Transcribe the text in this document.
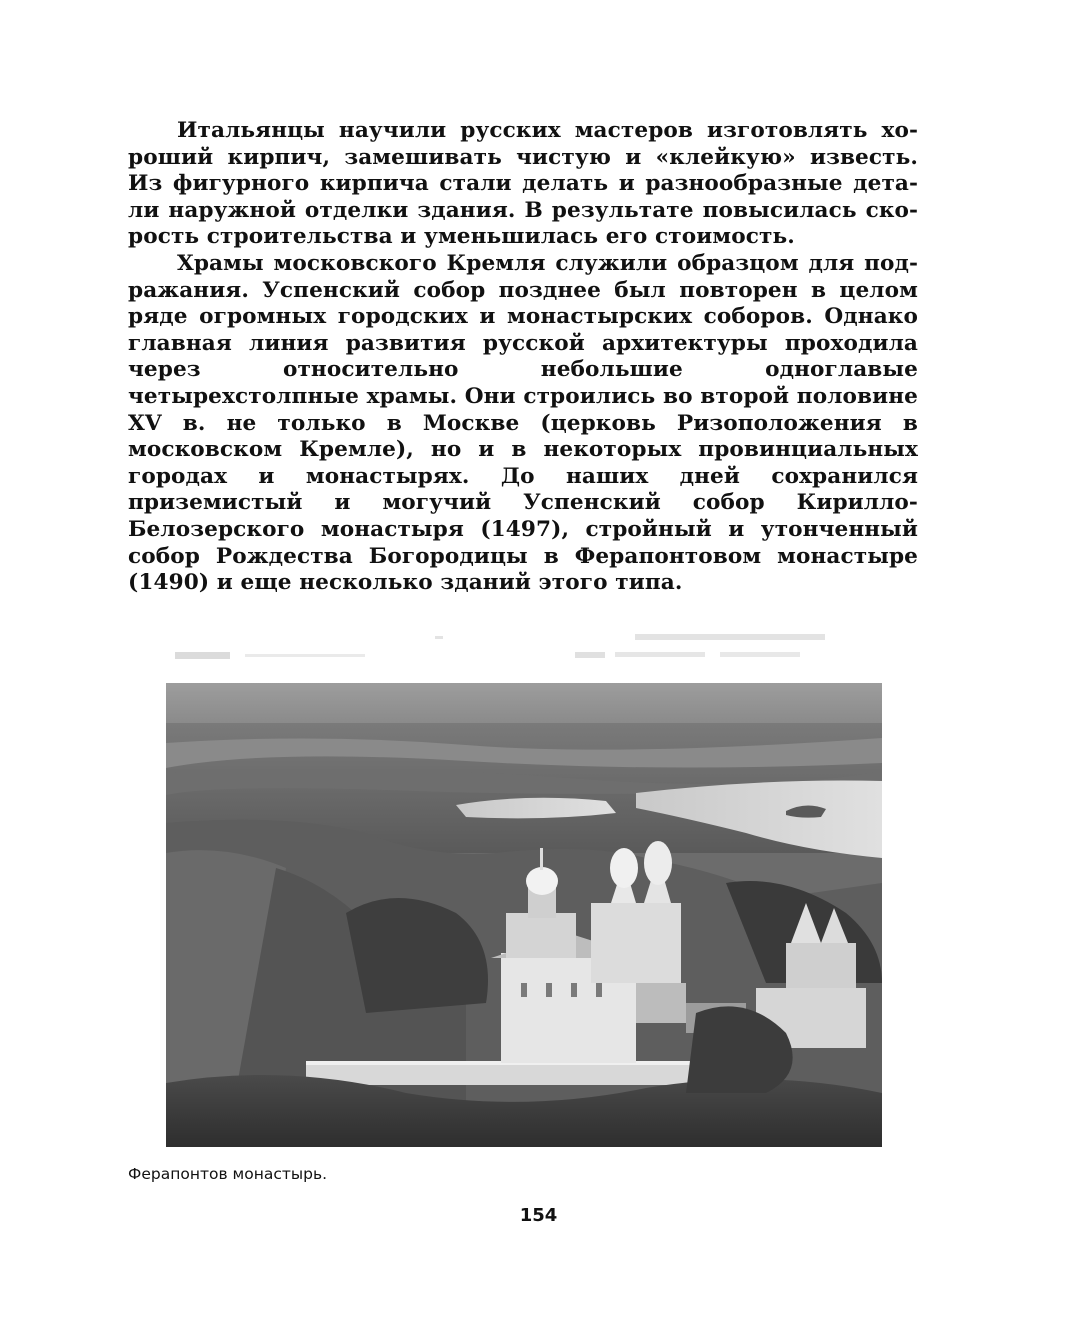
Итальянцы научили русских мастеров изготовлять хороший кирпич, замешивать чистую и «клейкую» известь. Из фигурного кирпича стали делать и разнообразные детали наружной отделки здания. В результате повысилась скорость строительства и уменьшилась его стоимость.

Храмы московского Кремля служили образцом для подражания. Успенский собор позднее был повторен в целом ряде огромных городских и монастырских соборов. Однако главная линия развития русской архитектуры проходила через относительно небольшие одноглавые четырехстолпные храмы. Они строились во второй половине XV в. не только в Москве (церковь Ризоположения в московском Кремле), но и в некоторых провинциальных городах и монастырях. До наших дней сохранился приземистый и могучий Успенский собор Кирилло-Белозерского монастыря (1497), стройный и утонченный собор Рождества Богородицы в Ферапонтовом монастыре (1490) и еще несколько зданий этого типа.

Ферапонтов монастырь.
154
